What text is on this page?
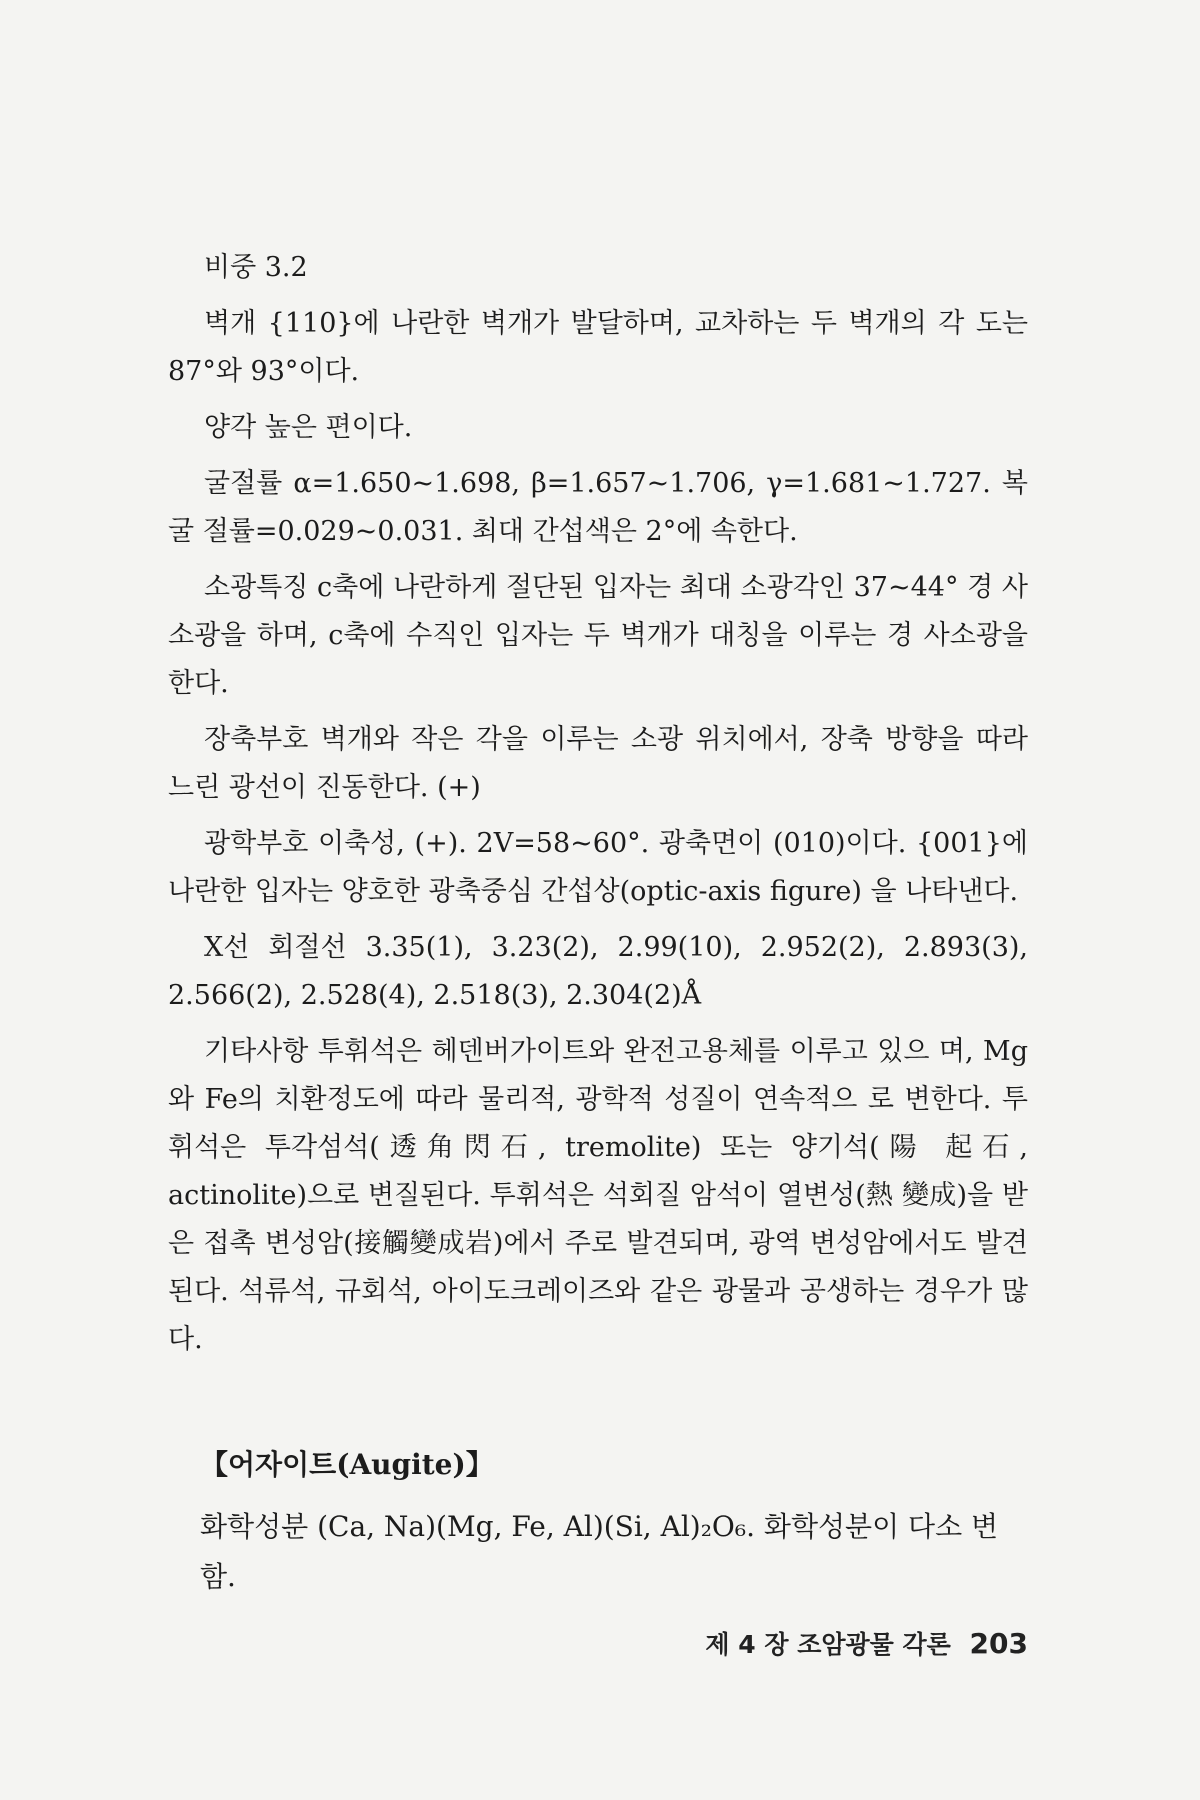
비중 3.2

벽개 {110}에 나란한 벽개가 발달하며, 교차하는 두 벽개의 각 도는 87°와 93°이다.

양각 높은 편이다.

굴절률 α=1.650~1.698, β=1.657~1.706, γ=1.681~1.727. 복굴 절률=0.029~0.031. 최대 간섭색은 2°에 속한다.

소광특징 c축에 나란하게 절단된 입자는 최대 소광각인 37~44° 경 사소광을 하며, c축에 수직인 입자는 두 벽개가 대칭을 이루는 경 사소광을 한다.

장축부호 벽개와 작은 각을 이루는 소광 위치에서, 장축 방향을 따라 느린 광선이 진동한다. (+)

광학부호 이축성, (+). 2V=58~60°. 광축면이 (010)이다. {001}에 나란한 입자는 양호한 광축중심 간섭상(optic-axis figure) 을 나타낸다.

X선 회절선 3.35(1), 3.23(2), 2.99(10), 2.952(2), 2.893(3), 2.566(2), 2.528(4), 2.518(3), 2.304(2)Å

기타사항 투휘석은 헤덴버가이트와 완전고용체를 이루고 있으 며, Mg와 Fe의 치환정도에 따라 물리적, 광학적 성질이 연속적으 로 변한다. 투휘석은 투각섬석(透角閃石, tremolite) 또는 양기석(陽 起石, actinolite)으로 변질된다. 투휘석은 석회질 암석이 열변성(熱 變成)을 받은 접촉 변성암(接觸變成岩)에서 주로 발견되며, 광역 변성암에서도 발견된다. 석류석, 규회석, 아이도크레이즈와 같은 광물과 공생하는 경우가 많다.

【어자이트(Augite)】

화학성분 (Ca, Na)(Mg, Fe, Al)(Si, Al)₂O₆. 화학성분이 다소 변함.

제 4 장 조암광물 각론 203
